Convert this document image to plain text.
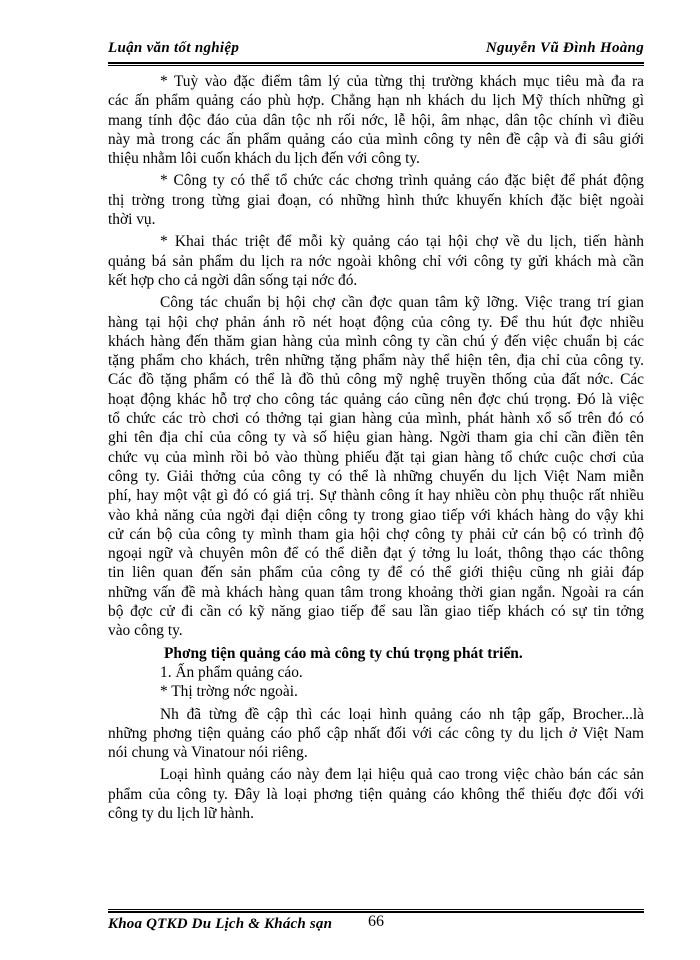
Luận văn tốt nghiệp	Nguyễn Vũ Đình Hoàng
* Tuỳ vào đặc điểm tâm lý của từng thị trường khách mục tiêu mà đa ra
các ấn phẩm quảng cáo phù hợp. Chẳng hạn nh khách du lịch Mỹ thích những gì
mang tính độc đáo của dân tộc nh rối nớc, lễ hội, âm nhạc, dân tộc chính vì điều
này mà trong các ấn phẩm quảng cáo của mình công ty nên đề cập và đi sâu giới
thiệu nhằm lôi cuốn khách du lịch đến với công ty.
* Công ty có thể tổ chức các chơng trình quảng cáo đặc biệt để phát động
thị trờng trong từng giai đoạn, có những hình thức khuyến khích đặc biệt ngoài
thời vụ.
* Khai thác triệt để mỗi kỳ quảng cáo tại hội chợ về du lịch, tiến hành
quảng bá sản phẩm du lịch ra nớc ngoài không chỉ với công ty gửi khách mà cần
kết hợp cho cả ngời dân sống tại nớc đó.
Công tác chuẩn bị hội chợ cần đợc quan tâm kỹ lỡng. Việc trang trí gian
hàng tại hội chợ phản ánh rõ nét hoạt động của công ty. Để thu hút đợc nhiều
khách hàng đến thăm gian hàng của mình công ty cần chú ý đến việc chuẩn bị các
tặng phẩm cho khách, trên những tặng phẩm này thể hiện tên, địa chỉ của công ty.
Các đồ tặng phẩm có thể là đồ thủ công mỹ nghệ truyền thống của đất nớc. Các
hoạt động khác hỗ trợ cho công tác quảng cáo cũng nên đợc chú trọng. Đó là việc
tổ chức các trò chơi có thởng tại gian hàng của mình, phát hành xổ số trên đó có
ghi tên địa chỉ của công ty và số hiệu gian hàng. Ngời tham gia chỉ cần điền tên
chức vụ của mình rồi bỏ vào thùng phiếu đặt tại gian hàng tổ chức cuộc chơi của
công ty. Giải thởng của công ty có thể là những chuyến du lịch Việt Nam miễn
phí, hay một vật gì đó có giá trị. Sự thành công ít hay nhiều còn phụ thuộc rất nhiều
vào khả năng của ngời đại diện công ty trong giao tiếp với khách hàng do vậy khi
cử cán bộ của công ty mình tham gia hội chợ công ty phải cử cán bộ có trình độ
ngoại ngữ và chuyên môn để có thể diễn đạt ý tởng lu loát, thông thạo các thông
tin liên quan đến sản phẩm của công ty để có thể giới thiệu cũng nh giải đáp
những vấn đề mà khách hàng quan tâm trong khoảng thời gian ngắn. Ngoài ra cán
bộ đợc cử đi cần có kỹ năng giao tiếp để sau lần giao tiếp khách có sự tin tởng
vào công ty.
Phơng tiện quảng cáo mà công ty chú trọng phát triển.
1. Ấn phẩm quảng cáo.
* Thị trờng nớc ngoài.
Nh đã từng đề cập thì các loại hình quảng cáo nh tập gấp, Brocher...là
những phơng tiện quảng cáo phổ cập nhất đối với các công ty du lịch ở Việt Nam
nói chung và Vinatour nói riêng.
Loại hình quảng cáo này đem lại hiệu quả cao trong việc chào bán các sản
phẩm của công ty. Đây là loại phơng tiện quảng cáo không thể thiếu đợc đối với
công ty du lịch lữ hành.
Khoa QTKD Du Lịch & Khách sạn 66
